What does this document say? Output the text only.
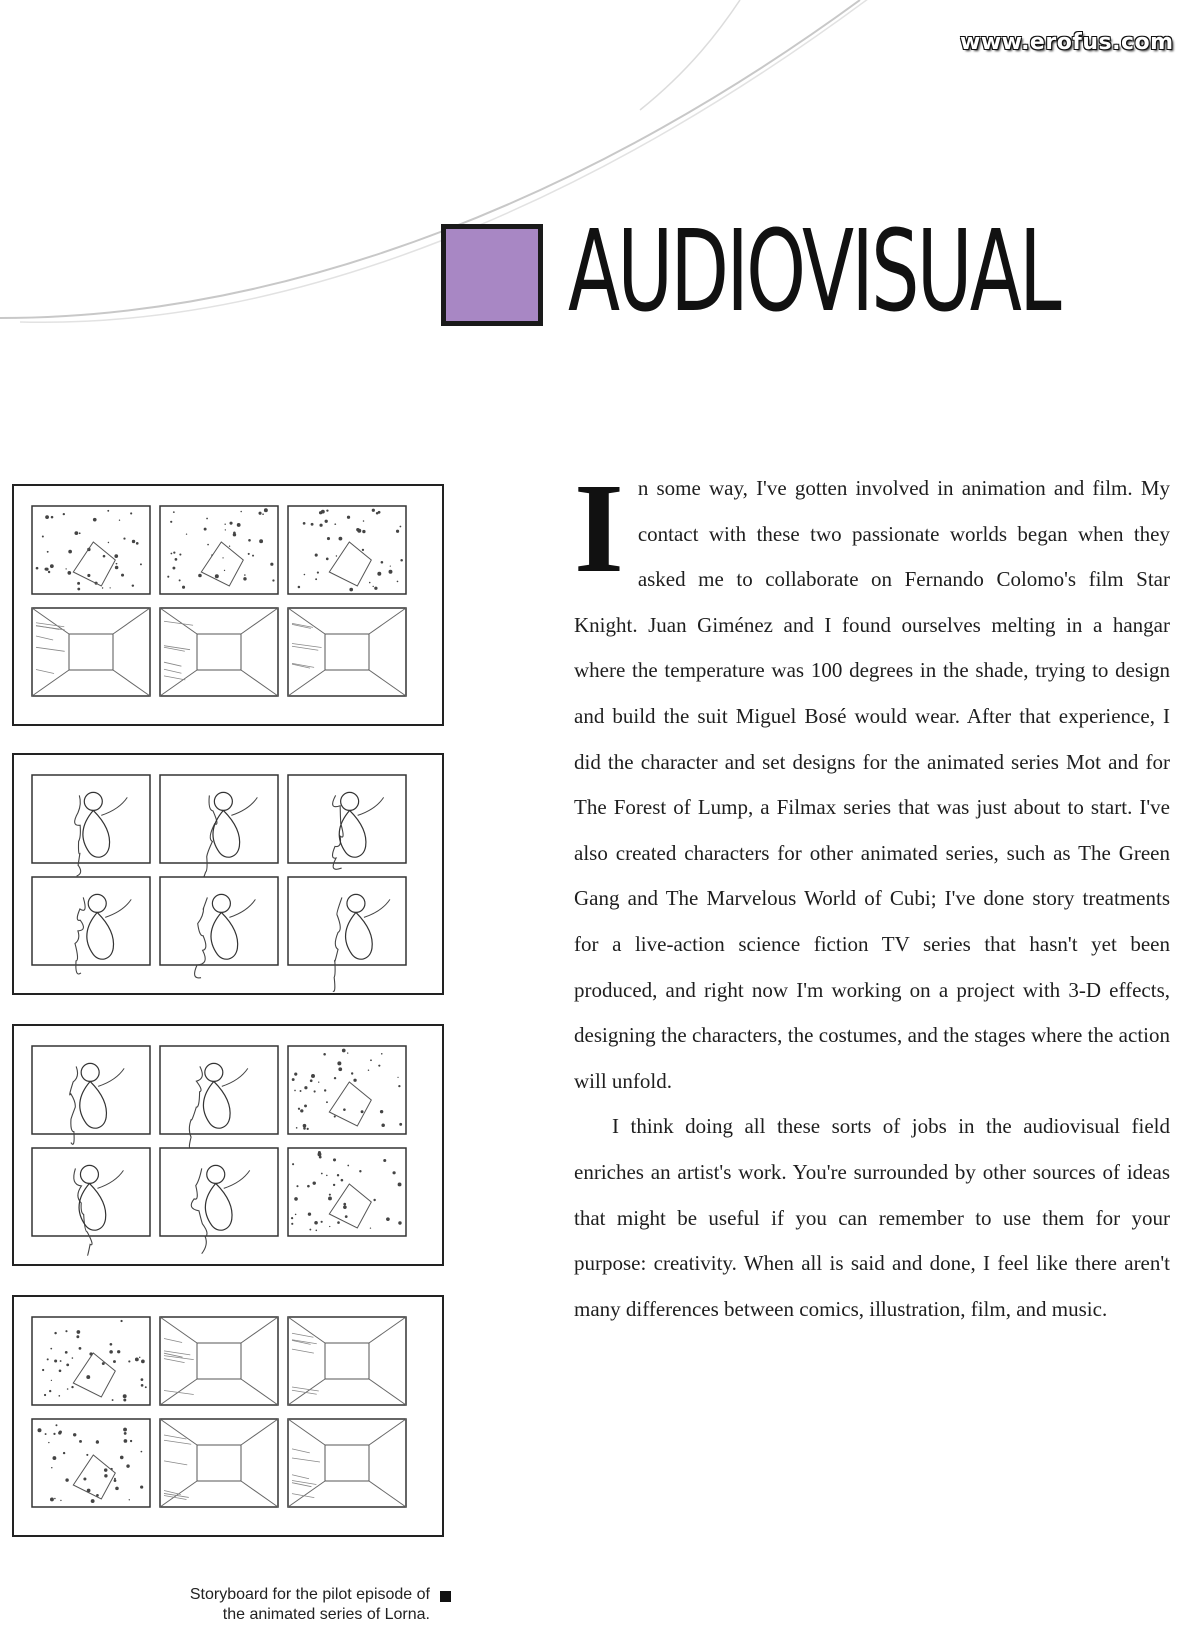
www.erofus.com
AUDIOVISUAL
Storyboard for the pilot episode of
the animated series of Lorna.

In some way, I've gotten involved in animation and film. My contact with these two passionate worlds began when they asked me to collaborate on Fernando Colomo's film Star Knight. Juan Giménez and I found ourselves melting in a hangar where the temperature was 100 degrees in the shade, trying to design and build the suit Miguel Bosé would wear. After that experience, I did the character and set designs for the animated series Mot and for The Forest of Lump, a Filmax series that was just about to start. I've also created characters for other animated series, such as The Green Gang and The Marvelous World of Cubi; I've done story treatments for a live-action science fiction TV series that hasn't yet been produced, and right now I'm working on a project with 3-D effects, designing the characters, the costumes, and the stages where the action will unfold.

I think doing all these sorts of jobs in the audiovisual field enriches an artist's work. You're surrounded by other sources of ideas that might be useful if you can remember to use them for your purpose: creativity. When all is said and done, I feel like there aren't many differences between comics, illustration, film, and music.
